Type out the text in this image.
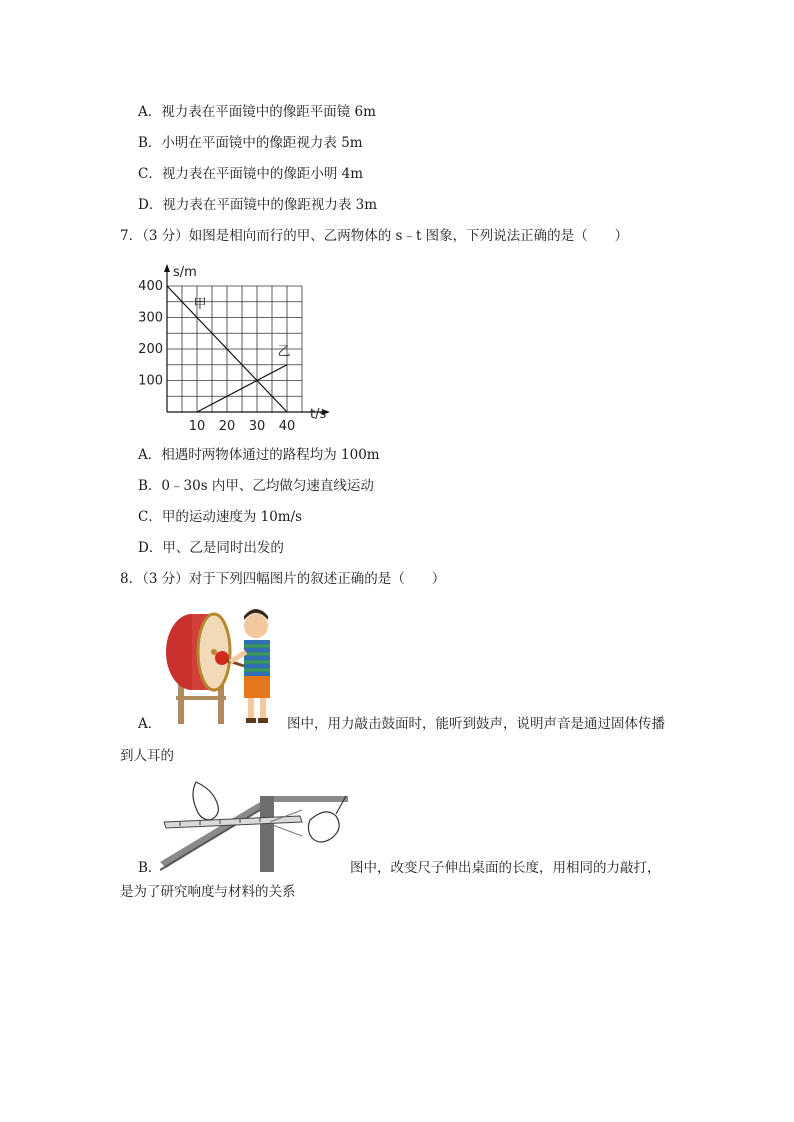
A．视力表在平面镜中的像距平面镜 6m
B．小明在平面镜中的像距视力表 5m
C．视力表在平面镜中的像距小明 4m
D．视力表在平面镜中的像距视力表 3m
7．（3 分）如图是相向而行的甲、乙两物体的 s﹣t 图象，下列说法正确的是（　　）
s/m
t/s
10 20 30 40
100
200
300
400
甲
乙
A．相遇时两物体通过的路程均为 100m
B．0﹣30s 内甲、乙均做匀速直线运动
C．甲的运动速度为 10m/s
D．甲、乙是同时出发的
8．（3 分）对于下列四幅图片的叙述正确的是（　　）
A．	图中，用力敲击鼓面时，能听到鼓声，说明声音是通过固体传播
到人耳的
B．	图中，改变尺子伸出桌面的长度，用相同的力敲打，
是为了研究响度与材料的关系
